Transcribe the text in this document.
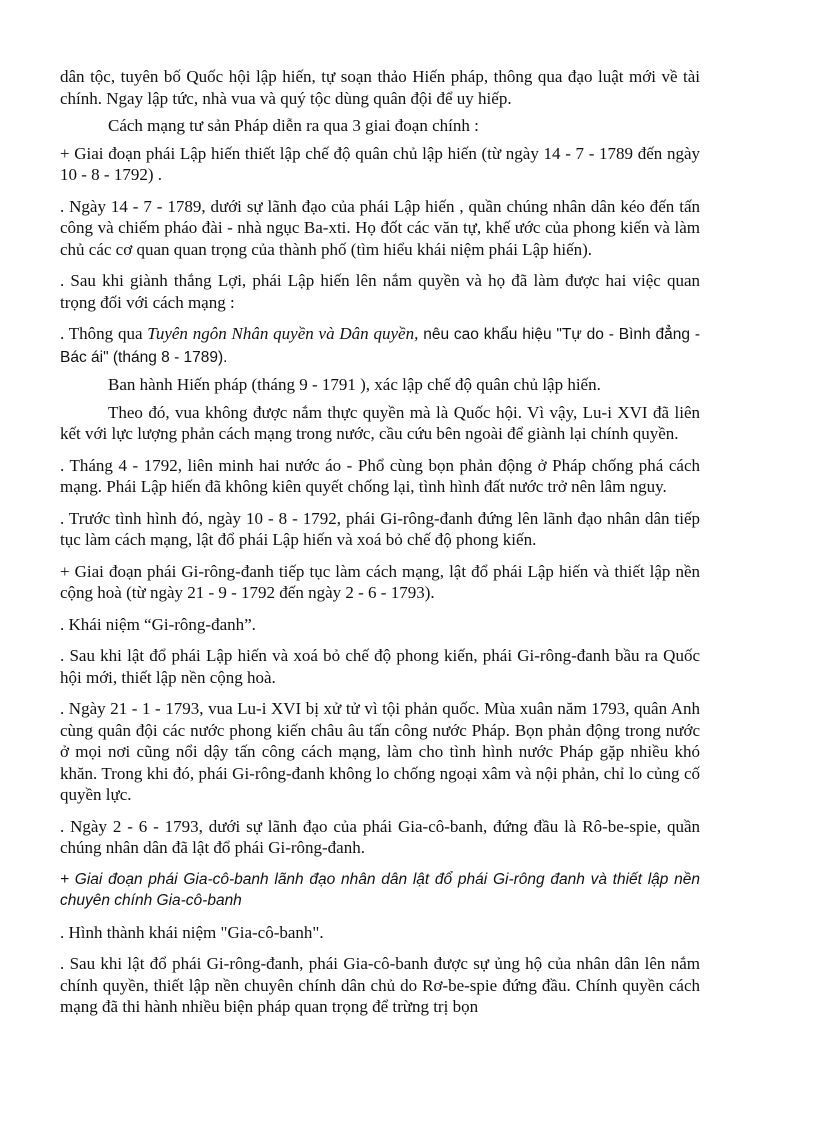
dân tộc, tuyên bố Quốc hội lập hiến, tự soạn thảo Hiến pháp, thông qua đạo luật mới về tài chính. Ngay lập tức, nhà vua và quý tộc dùng quân đội để uy hiếp.

Cách mạng tư sản Pháp diễn ra qua 3 giai đoạn chính :

+ Giai đoạn phái Lập hiến thiết lập chế độ quân chủ lập hiến (từ ngày 14 - 7 - 1789 đến ngày 10 - 8 - 1792) .

. Ngày 14 - 7 - 1789, dưới sự lãnh đạo của phái Lập hiến , quần chúng nhân dân kéo đến tấn công và chiếm pháo đài - nhà ngục Ba-xti. Họ đốt các văn tự, khế ước của phong kiến và làm chủ các cơ quan quan trọng của thành phố (tìm hiểu khái niệm phái Lập hiến).

. Sau khi giành thắng Lợi, phái Lập hiến lên nắm quyền và họ đã làm được hai việc quan trọng đối với cách mạng :

. Thông qua Tuyên ngôn Nhân quyền và Dân quyền, nêu cao khẩu hiệu "Tự do - Bình đẳng - Bác ái" (tháng 8 - 1789).

Ban hành Hiến pháp (tháng 9 - 1791 ), xác lập chế độ quân chủ lập hiến.

Theo đó, vua không được nắm thực quyền mà là Quốc hội. Vì vậy, Lu-i XVI đã liên kết với lực lượng phản cách mạng trong nước, cầu cứu bên ngoài để giành lại chính quyền.

. Tháng 4 - 1792, liên minh hai nước áo - Phổ cùng bọn phản động ở Pháp chống phá cách mạng. Phái Lập hiến đã không kiên quyết chống lại, tình hình đất nước trở nên lâm nguy.

. Trước tình hình đó, ngày 10 - 8 - 1792, phái Gi-rông-đanh đứng lên lãnh đạo nhân dân tiếp tục làm cách mạng, lật đổ phái Lập hiến và xoá bỏ chế độ phong kiến.

+ Giai đoạn phái Gi-rông-đanh tiếp tục làm cách mạng, lật đổ phái Lập hiến và thiết lập nền cộng hoà (từ ngày 21 - 9 - 1792 đến ngày 2 - 6 - 1793).

. Khái niệm “Gi-rông-đanh”.

. Sau khi lật đổ phái Lập hiến và xoá bỏ chế độ phong kiến, phái Gi-rông-đanh bầu ra Quốc hội mới, thiết lập nền cộng hoà.

. Ngày 21 - 1 - 1793, vua Lu-i XVI bị xử tử vì tội phản quốc. Mùa xuân năm 1793, quân Anh cùng quân đội các nước phong kiến châu âu tấn công nước Pháp. Bọn phản động trong nước ở mọi nơi cũng nổi dậy tấn công cách mạng, làm cho tình hình nước Pháp gặp nhiều khó khăn. Trong khi đó, phái Gi-rông-đanh không lo chống ngoại xâm và nội phản, chỉ lo củng cố quyền lực.

. Ngày 2 - 6 - 1793, dưới sự lãnh đạo của phái Gia-cô-banh, đứng đầu là Rô-be-spie, quần chúng nhân dân đã lật đổ phái Gi-rông-đanh.

+ Giai đoạn phái Gia-cô-banh lãnh đạo nhân dân lật đổ phái Gi-rông đanh và thiết lập nền chuyên chính Gia-cô-banh

. Hình thành khái niệm "Gia-cô-banh".

. Sau khi lật đổ phái Gi-rông-đanh, phái Gia-cô-banh được sự ủng hộ của nhân dân lên nắm chính quyền, thiết lập nền chuyên chính dân chủ do Rơ-be-spie đứng đầu. Chính quyền cách mạng đã thi hành nhiều biện pháp quan trọng để trừng trị bọn
